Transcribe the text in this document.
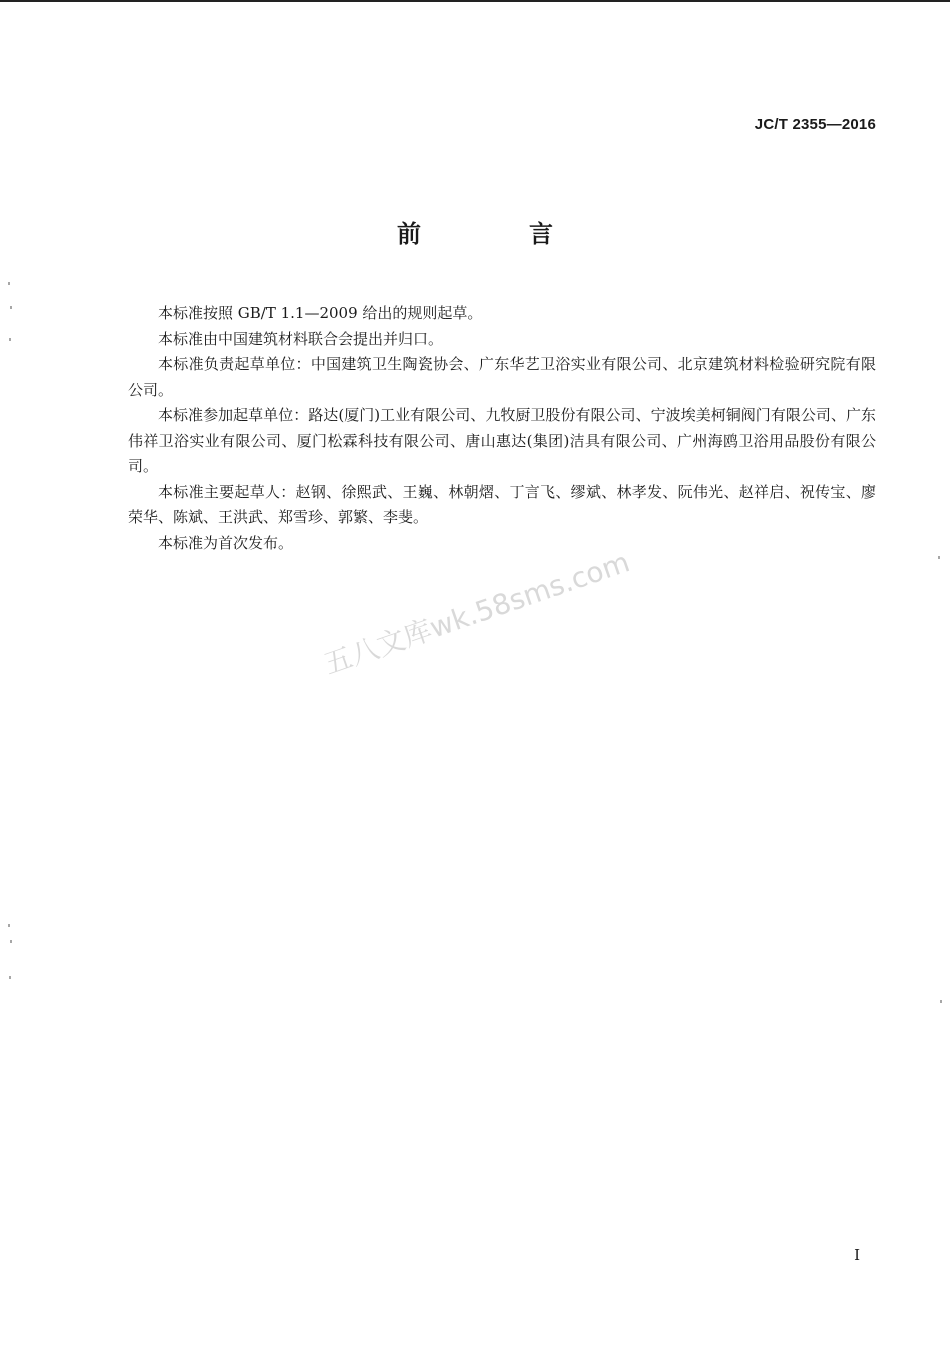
JC/T 2355—2016
前　言

本标准按照 GB/T 1.1—2009 给出的规则起草。

本标准由中国建筑材料联合会提出并归口。

本标准负责起草单位：中国建筑卫生陶瓷协会、广东华艺卫浴实业有限公司、北京建筑材料检验研究院有限公司。

本标准参加起草单位：路达(厦门)工业有限公司、九牧厨卫股份有限公司、宁波埃美柯铜阀门有限公司、广东伟祥卫浴实业有限公司、厦门松霖科技有限公司、唐山惠达(集团)洁具有限公司、广州海鸥卫浴用品股份有限公司。

本标准主要起草人：赵钢、徐熙武、王巍、林朝熠、丁言飞、缪斌、林孝发、阮伟光、赵祥启、祝传宝、廖荣华、陈斌、王洪武、郑雪珍、郭繁、李斐。

本标准为首次发布。

五八文库wk.58sms.com
I
